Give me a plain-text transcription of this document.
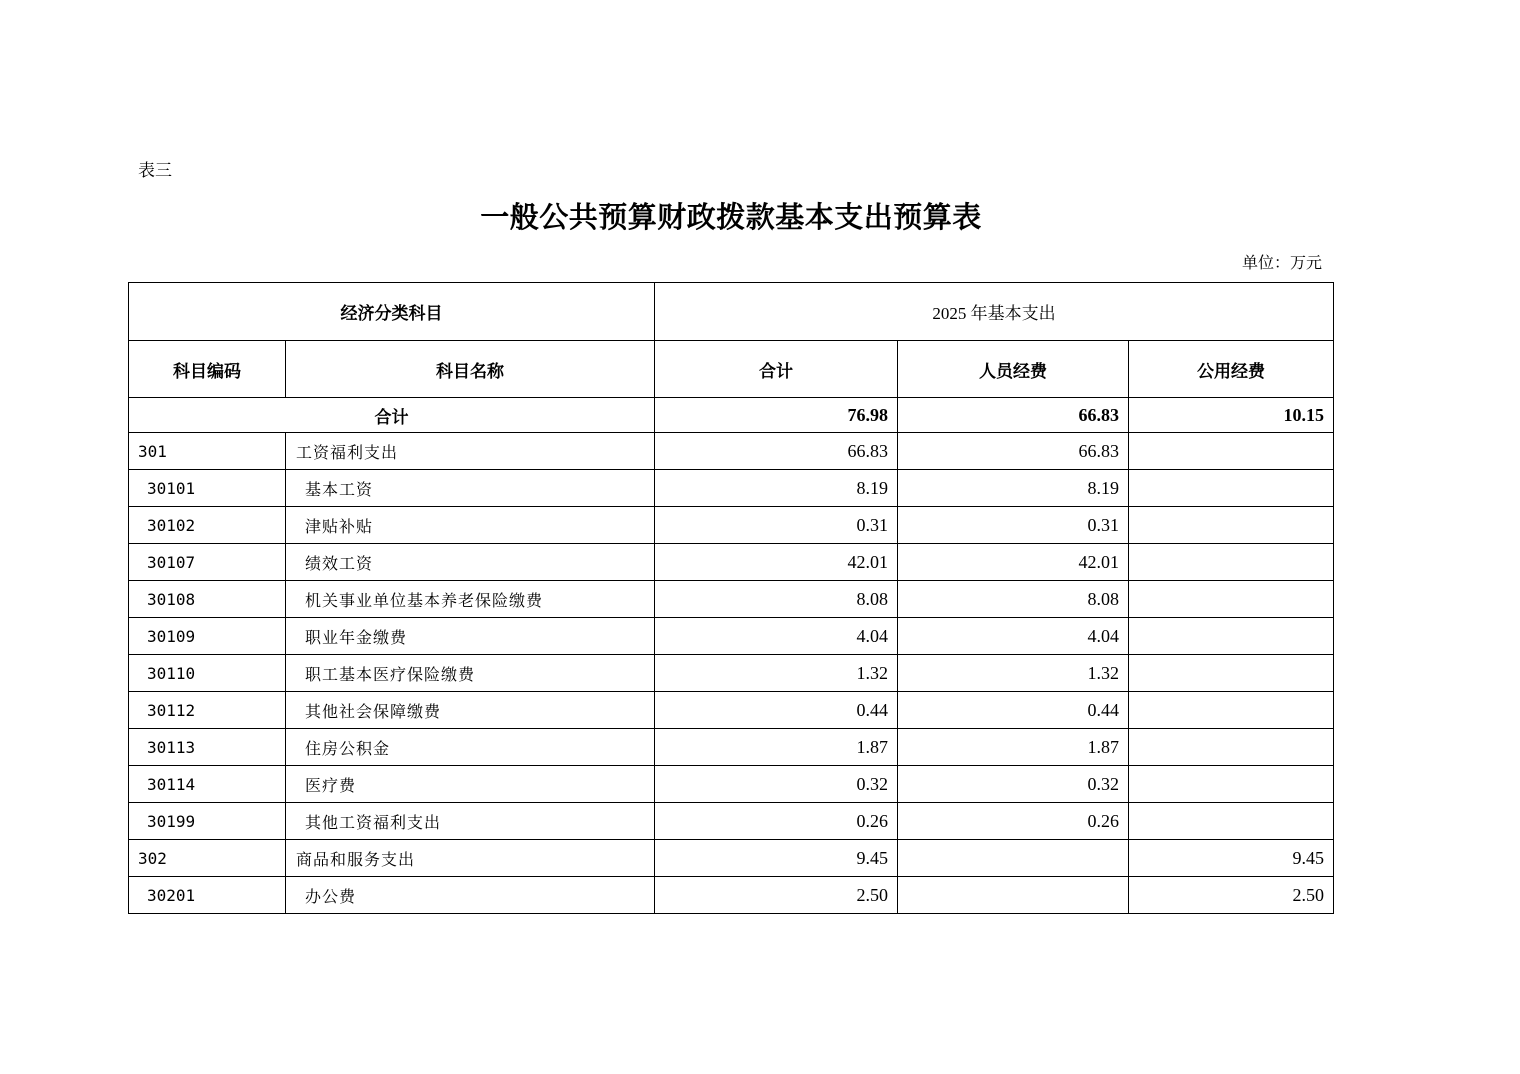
表三
一般公共预算财政拨款基本支出预算表
单位：万元
经济分类科目		2025 年基本支出		
科目编码	科目名称	合计	人员经费	公用经费
合计		76.98	66.83	10.15
301	工资福利支出	66.83	66.83	
30101	基本工资	8.19	8.19	
30102	津贴补贴	0.31	0.31	
30107	绩效工资	42.01	42.01	
30108	机关事业单位基本养老保险缴费	8.08	8.08	
30109	职业年金缴费	4.04	4.04	
30110	职工基本医疗保险缴费	1.32	1.32	
30112	其他社会保障缴费	0.44	0.44	
30113	住房公积金	1.87	1.87	
30114	医疗费	0.32	0.32	
30199	其他工资福利支出	0.26	0.26	
302	商品和服务支出	9.45		9.45
30201	办公费	2.50		2.50
